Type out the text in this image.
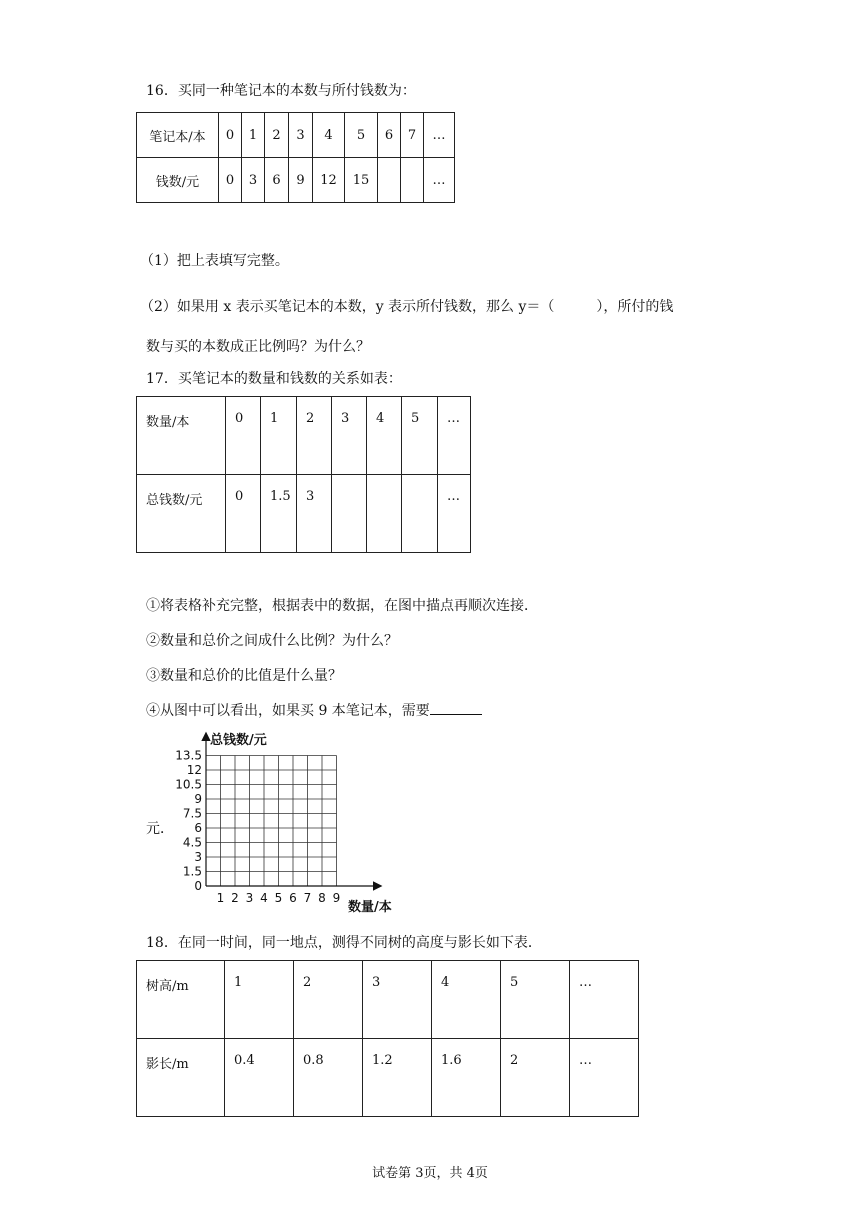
16．买同一种笔记本的本数与所付钱数为：
笔记本/本	0	1	2	3	4	5	6	7	…
钱数/元	0	3	6	9	12	15			…
（1）把上表填写完整。
（2）如果用 x 表示买笔记本的本数，y 表示所付钱数，那么 y＝（　　　），所付的钱
数与买的本数成正比例吗？为什么？
17．买笔记本的数量和钱数的关系如表：
数量/本	0	1	2	3	4	5	…
总钱数/元	0	1.5	3				…
①将表格补充完整，根据表中的数据，在图中描点再顺次连接．
②数量和总价之间成什么比例？为什么？
③数量和总价的比值是什么量？
④从图中可以看出，如果买 9 本笔记本，需要
总钱数/元
数量/本
0
1.5
3
4.5
6
7.5
9
10.5
12
13.5
1 2 3 4 5 6 7 8 9
元．
18．在同一时间，同一地点，测得不同树的高度与影长如下表．
树高/m	1	2	3	4	5	…
影长/m	0.4	0.8	1.2	1.6	2	…
试卷第 3页，共 4页
